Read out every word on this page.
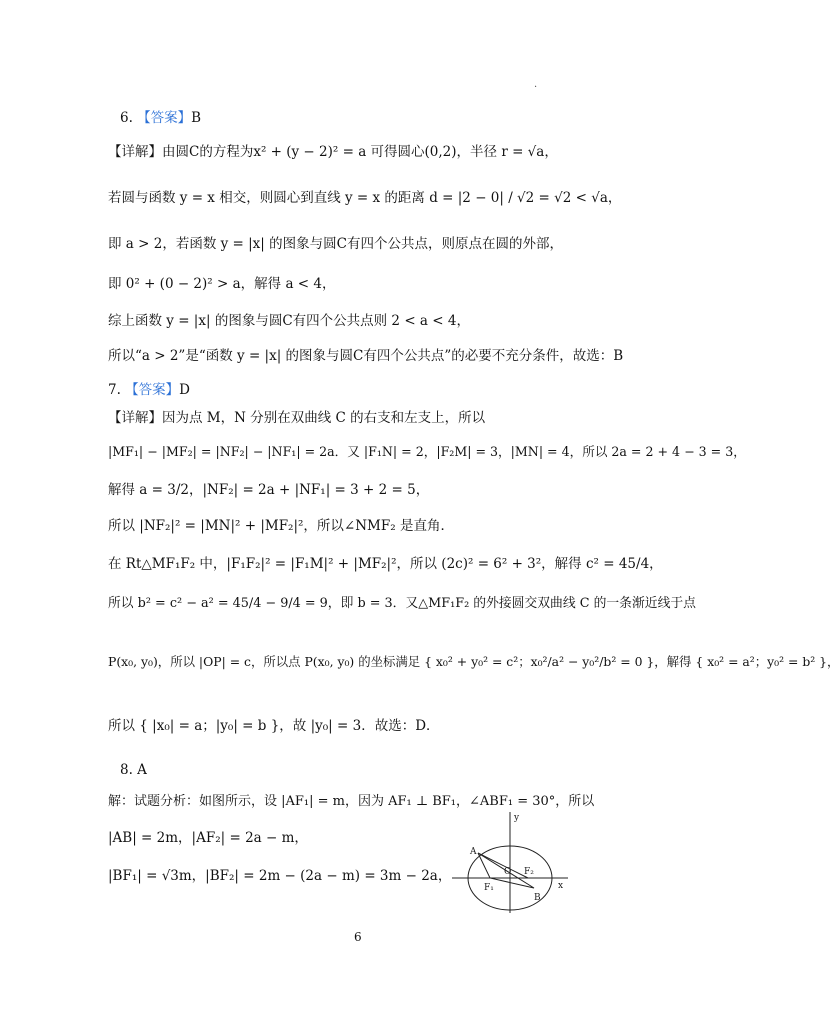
·
6. 【答案】B
【详解】由圆C的方程为x² + (y − 2)² = a 可得圆心(0,2)，半径 r = √a，
若圆与函数 y = x 相交，则圆心到直线 y = x 的距离 d = |2 − 0| / √2 = √2 < √a，
即 a > 2，若函数 y = |x| 的图象与圆C有四个公共点，则原点在圆的外部，
即 0² + (0 − 2)² > a，解得 a < 4，
综上函数 y = |x| 的图象与圆C有四个公共点则 2 < a < 4，
所以“a > 2”是“函数 y = |x| 的图象与圆C有四个公共点”的必要不充分条件，故选：B
7. 【答案】D
【详解】因为点 M，N 分别在双曲线 C 的右支和左支上，所以
|MF₁| − |MF₂| = |NF₂| − |NF₁| = 2a．又 |F₁N| = 2，|F₂M| = 3，|MN| = 4，所以 2a = 2 + 4 − 3 = 3，
解得 a = 3/2，|NF₂| = 2a + |NF₁| = 3 + 2 = 5，
所以 |NF₂|² = |MN|² + |MF₂|²，所以∠NMF₂ 是直角．
在 Rt△MF₁F₂ 中，|F₁F₂|² = |F₁M|² + |MF₂|²，所以 (2c)² = 6² + 3²，解得 c² = 45/4，
所以 b² = c² − a² = 45/4 − 9/4 = 9，即 b = 3．又△MF₁F₂ 的外接圆交双曲线 C 的一条渐近线于点
P(x₀, y₀)，所以 |OP| = c，所以点 P(x₀, y₀) 的坐标满足 { x₀² + y₀² = c²；x₀²/a² − y₀²/b² = 0 }，解得 { x₀² = a²；y₀² = b² }，
所以 { |x₀| = a；|y₀| = b }，故 |y₀| = 3．故选：D．
8. A
解：试题分析：如图所示，设 |AF₁| = m，因为 AF₁ ⊥ BF₁，∠ABF₁ = 30°，所以
|AB| = 2m，|AF₂| = 2a − m，
|BF₁| = √3m，|BF₂| = 2m − (2a − m) = 3m − 2a，
y
x
A
O
F₁
F₂
B
6
